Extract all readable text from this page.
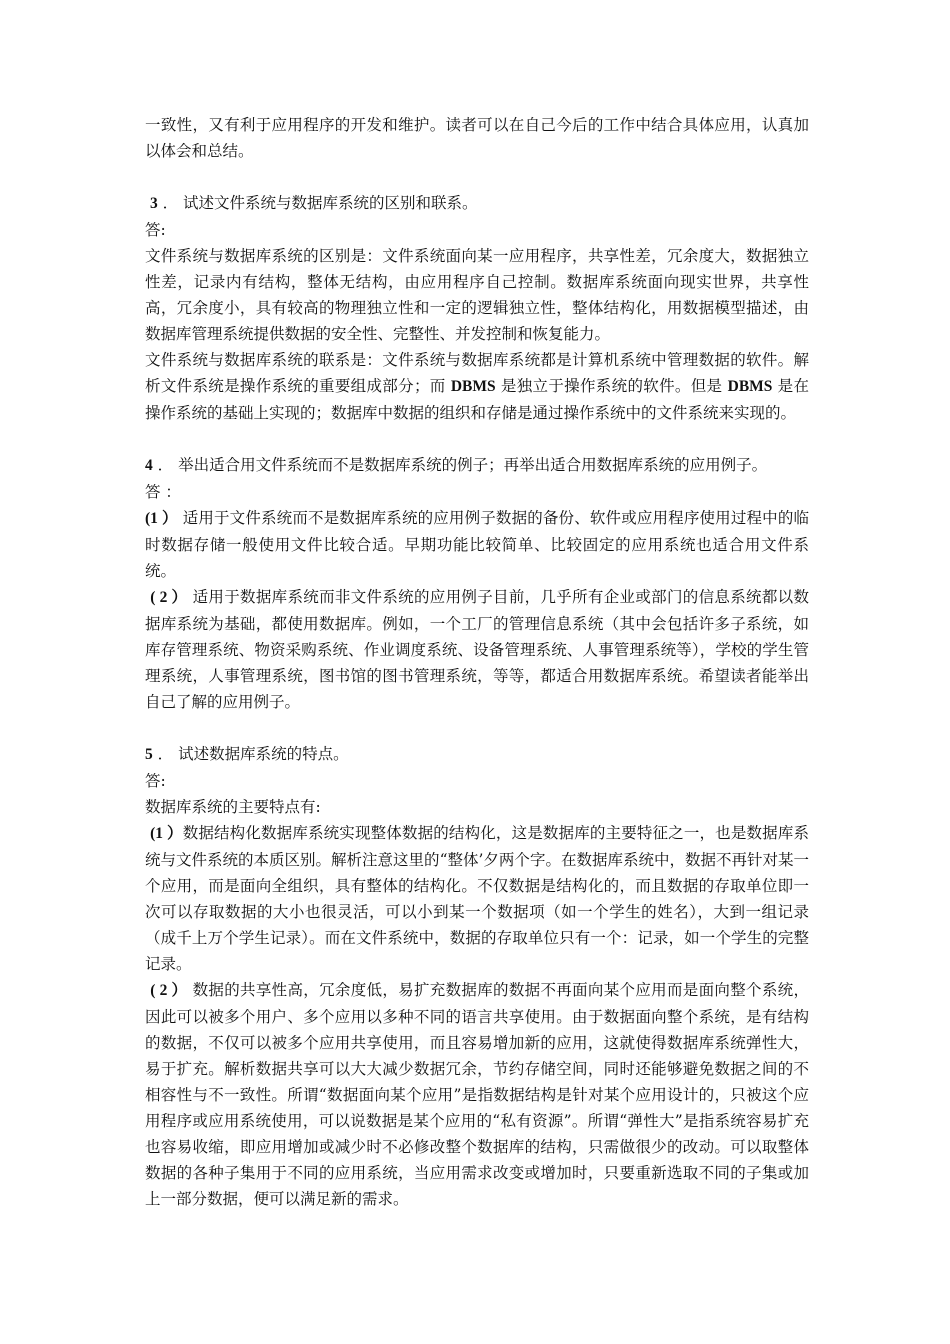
一致性，又有利于应用程序的开发和维护。读者可以在自己今后的工作中结合具体应用，认真加以体会和总结。

3 ． 试述文件系统与数据库系统的区别和联系。

答:

文件系统与数据库系统的区别是：文件系统面向某一应用程序，共享性差，冗余度大，数据独立性差，记录内有结构，整体无结构，由应用程序自己控制。数据库系统面向现实世界，共享性高，冗余度小，具有较高的物理独立性和一定的逻辑独立性，整体结构化，用数据模型描述，由数据库管理系统提供数据的安全性、完整性、并发控制和恢复能力。

文件系统与数据库系统的联系是：文件系统与数据库系统都是计算机系统中管理数据的软件。解析文件系统是操作系统的重要组成部分；而 DBMS 是独立于操作系统的软件。但是 DBMS 是在操作系统的基础上实现的；数据库中数据的组织和存储是通过操作系统中的文件系统来实现的。

4 ． 举出适合用文件系统而不是数据库系统的例子；再举出适合用数据库系统的应用例子。

答 ：

(1 ） 适用于文件系统而不是数据库系统的应用例子数据的备份、软件或应用程序使用过程中的临时数据存储一般使用文件比较合适。早期功能比较简单、比较固定的应用系统也适合用文件系统。

( 2 ） 适用于数据库系统而非文件系统的应用例子目前，几乎所有企业或部门的信息系统都以数据库系统为基础，都使用数据库。例如，一个工厂的管理信息系统（其中会包括许多子系统，如库存管理系统、物资采购系统、作业调度系统、设备管理系统、人事管理系统等），学校的学生管理系统，人事管理系统，图书馆的图书管理系统，等等，都适合用数据库系统。希望读者能举出自己了解的应用例子。

5 ． 试述数据库系统的特点。

答:

数据库系统的主要特点有:

(1 ）数据结构化数据库系统实现整体数据的结构化，这是数据库的主要特征之一，也是数据库系统与文件系统的本质区别。解析注意这里的“整体’夕两个字。在数据库系统中，数据不再针对某一个应用，而是面向全组织，具有整体的结构化。不仅数据是结构化的，而且数据的存取单位即一次可以存取数据的大小也很灵活，可以小到某一个数据项（如一个学生的姓名），大到一组记录（成千上万个学生记录）。而在文件系统中，数据的存取单位只有一个：记录，如一个学生的完整记录。

( 2 ） 数据的共享性高，冗余度低，易扩充数据库的数据不再面向某个应用而是面向整个系统，因此可以被多个用户、多个应用以多种不同的语言共享使用。由于数据面向整个系统，是有结构的数据，不仅可以被多个应用共享使用，而且容易增加新的应用，这就使得数据库系统弹性大，易于扩充。解析数据共享可以大大减少数据冗余，节约存储空间，同时还能够避免数据之间的不相容性与不一致性。所谓“数据面向某个应用”是指数据结构是针对某个应用设计的，只被这个应用程序或应用系统使用，可以说数据是某个应用的“私有资源”。所谓“弹性大”是指系统容易扩充也容易收缩，即应用增加或减少时不必修改整个数据库的结构，只需做很少的改动。可以取整体数据的各种子集用于不同的应用系统，当应用需求改变或增加时，只要重新选取不同的子集或加上一部分数据，便可以满足新的需求。
